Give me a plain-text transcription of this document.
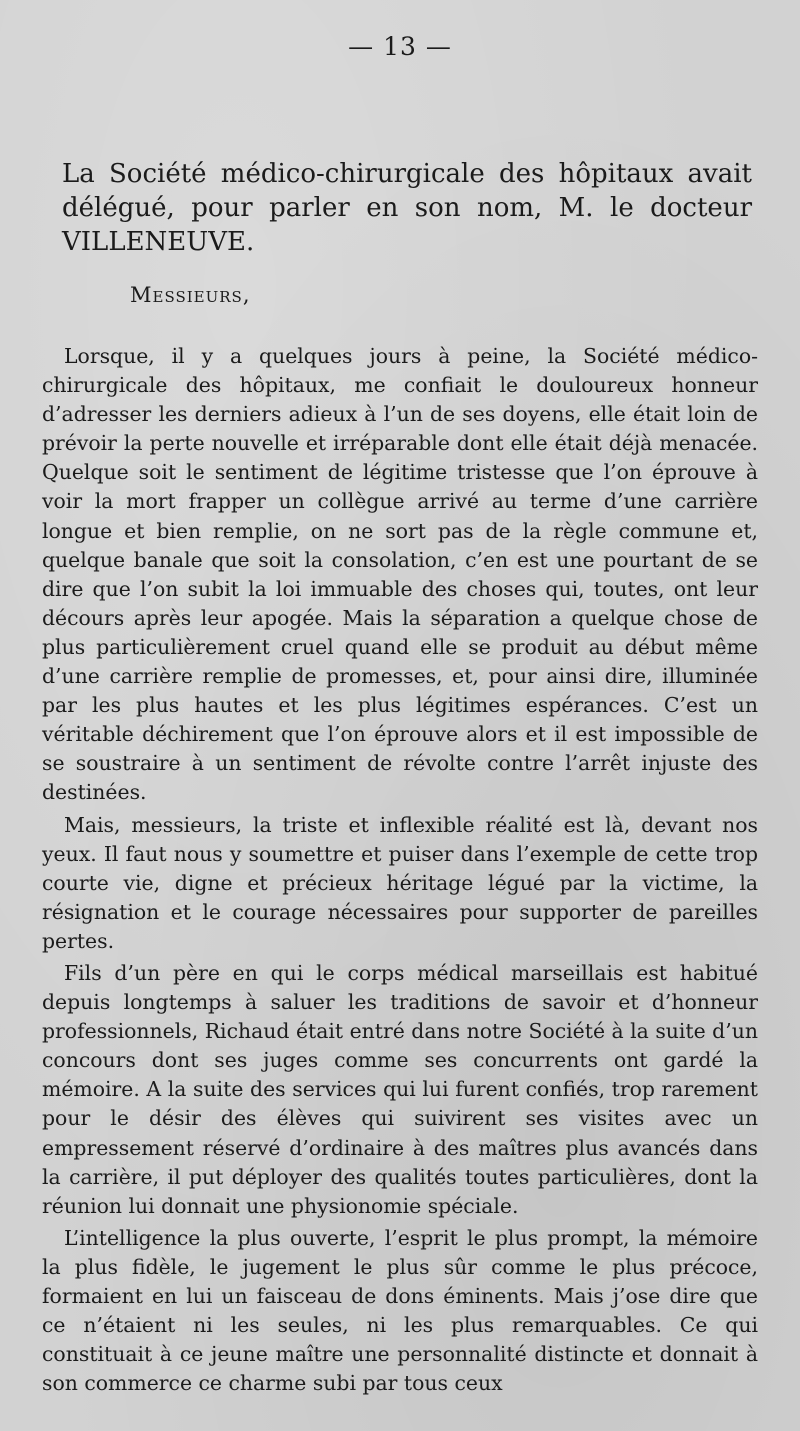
— 13 —

La Société médico-chirurgicale des hôpitaux avait délégué, pour parler en son nom, M. le docteur VILLENEUVE.

Messieurs,

Lorsque, il y a quelques jours à peine, la Société médico-chirurgicale des hôpitaux, me confiait le douloureux honneur d’adresser les derniers adieux à l’un de ses doyens, elle était loin de prévoir la perte nouvelle et irréparable dont elle était déjà menacée. Quelque soit le sentiment de légitime tristesse que l’on éprouve à voir la mort frapper un collègue arrivé au terme d’une carrière longue et bien remplie, on ne sort pas de la règle commune et, quelque banale que soit la consolation, c’en est une pourtant de se dire que l’on subit la loi immuable des choses qui, toutes, ont leur décours après leur apogée. Mais la séparation a quelque chose de plus particulièrement cruel quand elle se produit au début même d’une carrière remplie de promesses, et, pour ainsi dire, illuminée par les plus hautes et les plus légitimes espérances. C’est un véritable déchirement que l’on éprouve alors et il est impossible de se soustraire à un sentiment de révolte contre l’arrêt injuste des destinées.

Mais, messieurs, la triste et inflexible réalité est là, devant nos yeux. Il faut nous y soumettre et puiser dans l’exemple de cette trop courte vie, digne et précieux héritage légué par la victime, la résignation et le courage nécessaires pour supporter de pareilles pertes.

Fils d’un père en qui le corps médical marseillais est habitué depuis longtemps à saluer les traditions de savoir et d’honneur professionnels, Richaud était entré dans notre Société à la suite d’un concours dont ses juges comme ses concurrents ont gardé la mémoire. A la suite des services qui lui furent confiés, trop rarement pour le désir des élèves qui suivirent ses visites avec un empressement réservé d’ordinaire à des maîtres plus avancés dans la carrière, il put déployer des qualités toutes particulières, dont la réunion lui donnait une physionomie spéciale.

L’intelligence la plus ouverte, l’esprit le plus prompt, la mémoire la plus fidèle, le jugement le plus sûr comme le plus précoce, formaient en lui un faisceau de dons éminents. Mais j’ose dire que ce n’étaient ni les seules, ni les plus remarquables. Ce qui constituait à ce jeune maître une personnalité distincte et donnait à son commerce ce charme subi par tous ceux
